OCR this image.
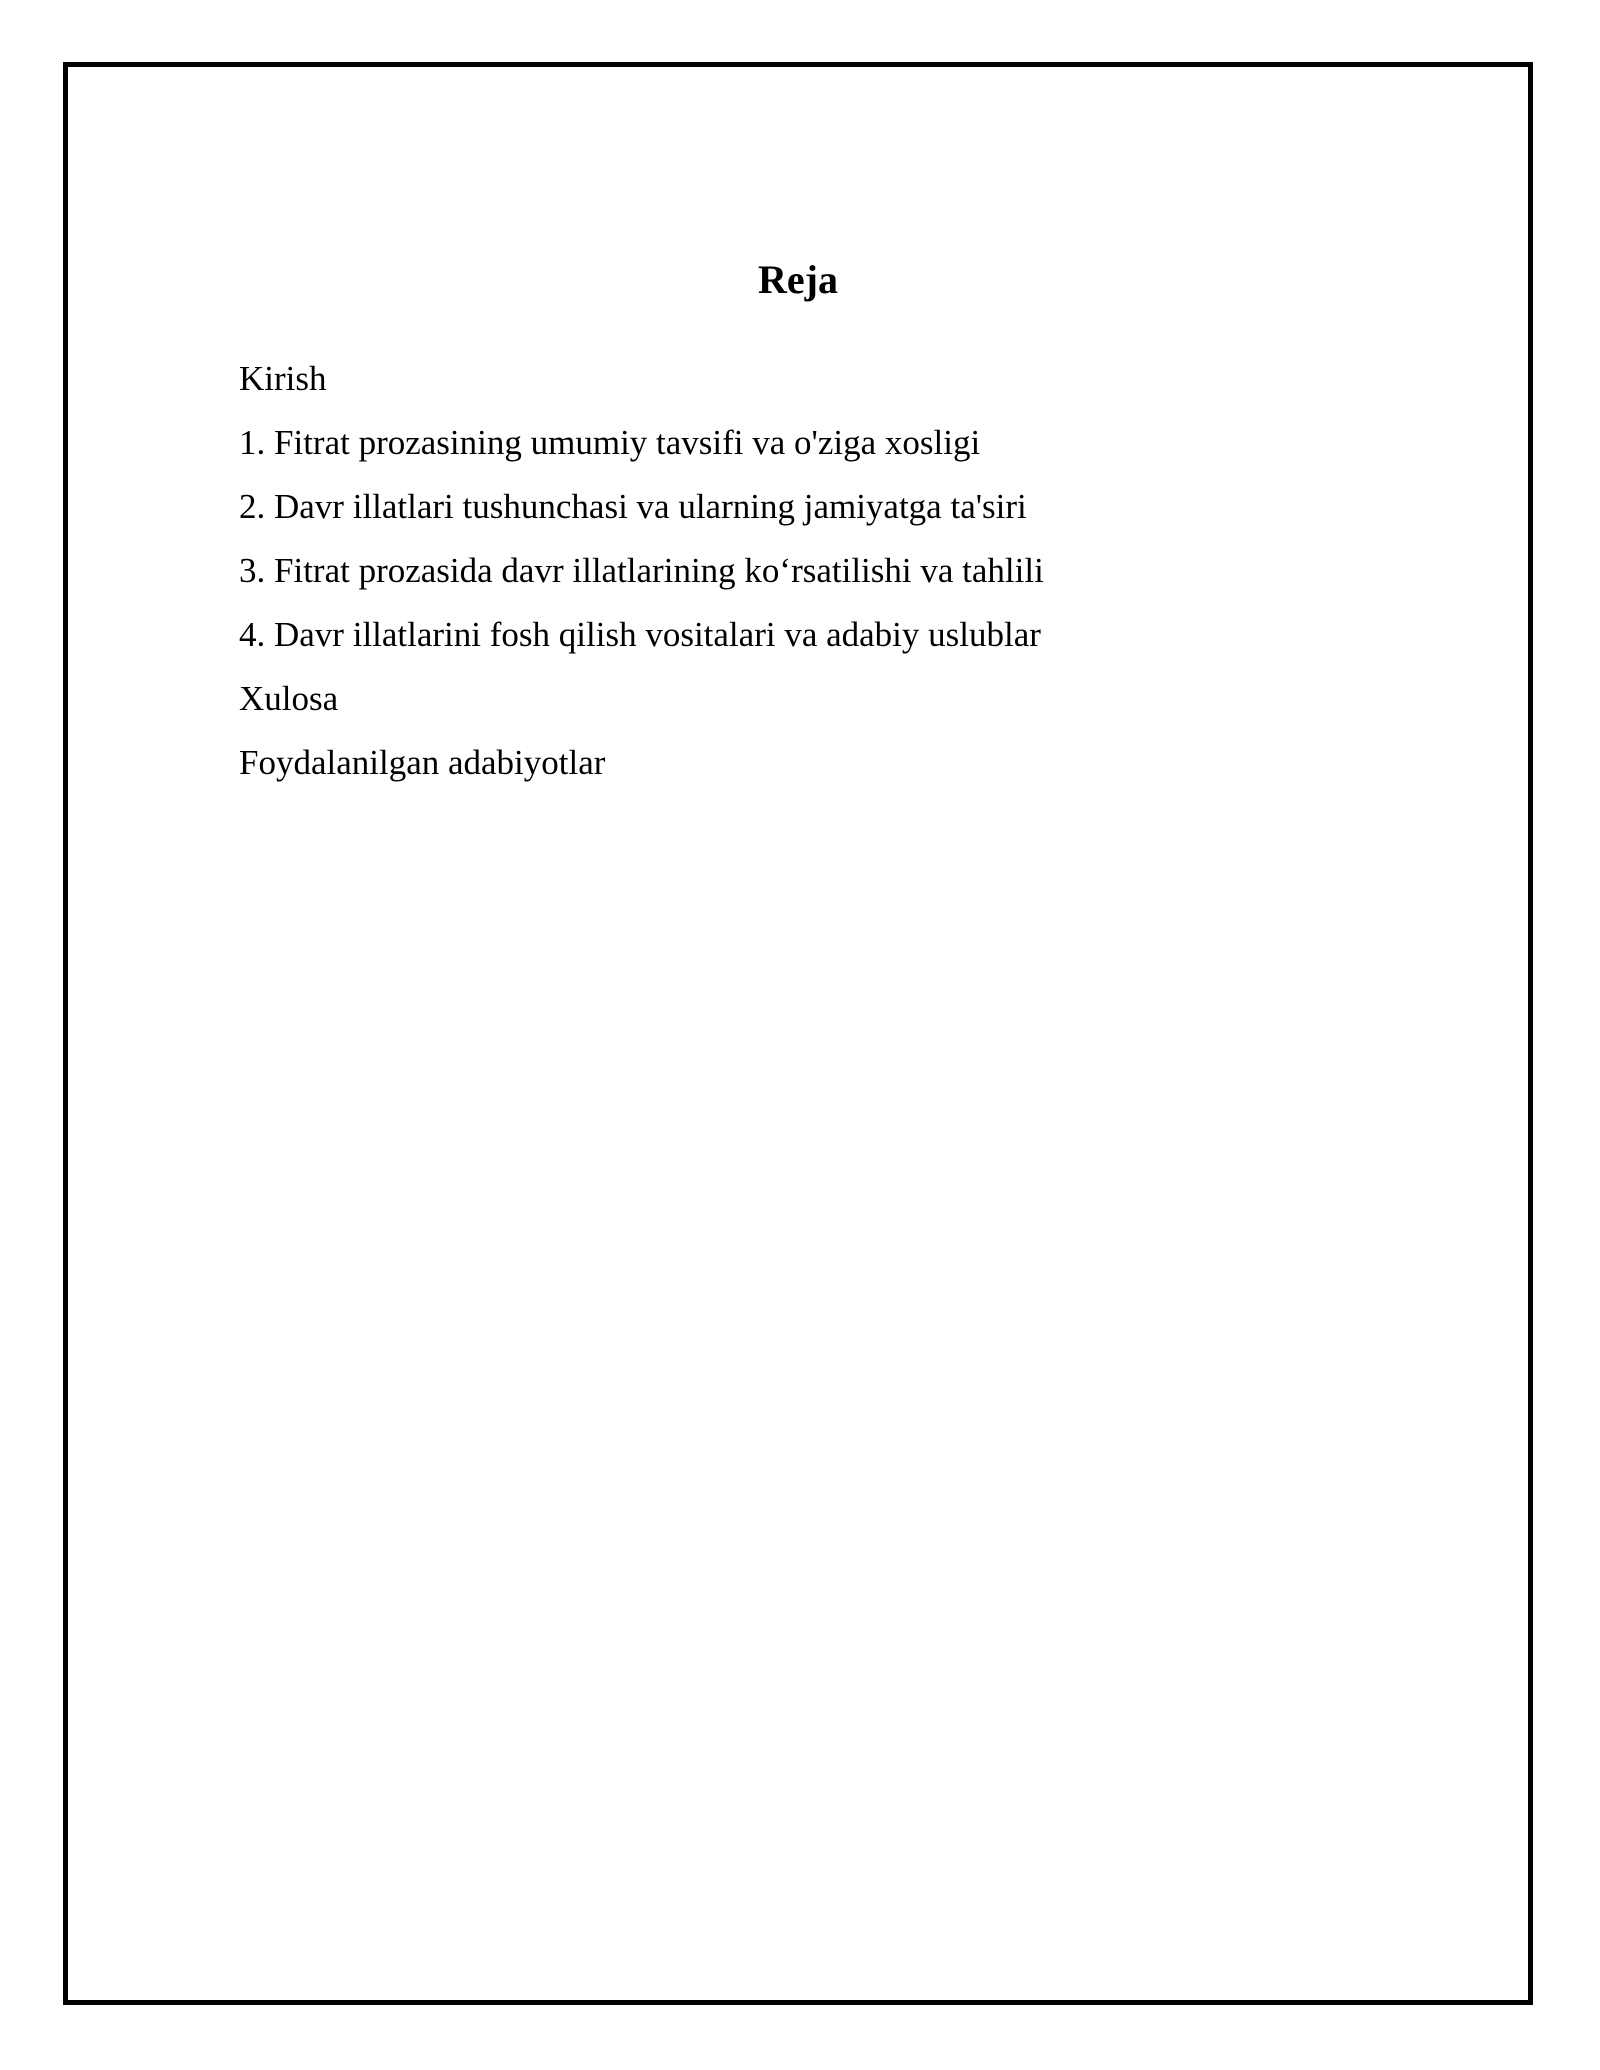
Reja
Kirish
1. Fitrat prozasining umumiy tavsifi va o'ziga xosligi
2. Davr illatlari tushunchasi va ularning jamiyatga ta'siri
3. Fitrat prozasida davr illatlarining ko‘rsatilishi va tahlili
4. Davr illatlarini fosh qilish vositalari va adabiy uslublar
Xulosa
Foydalanilgan adabiyotlar
